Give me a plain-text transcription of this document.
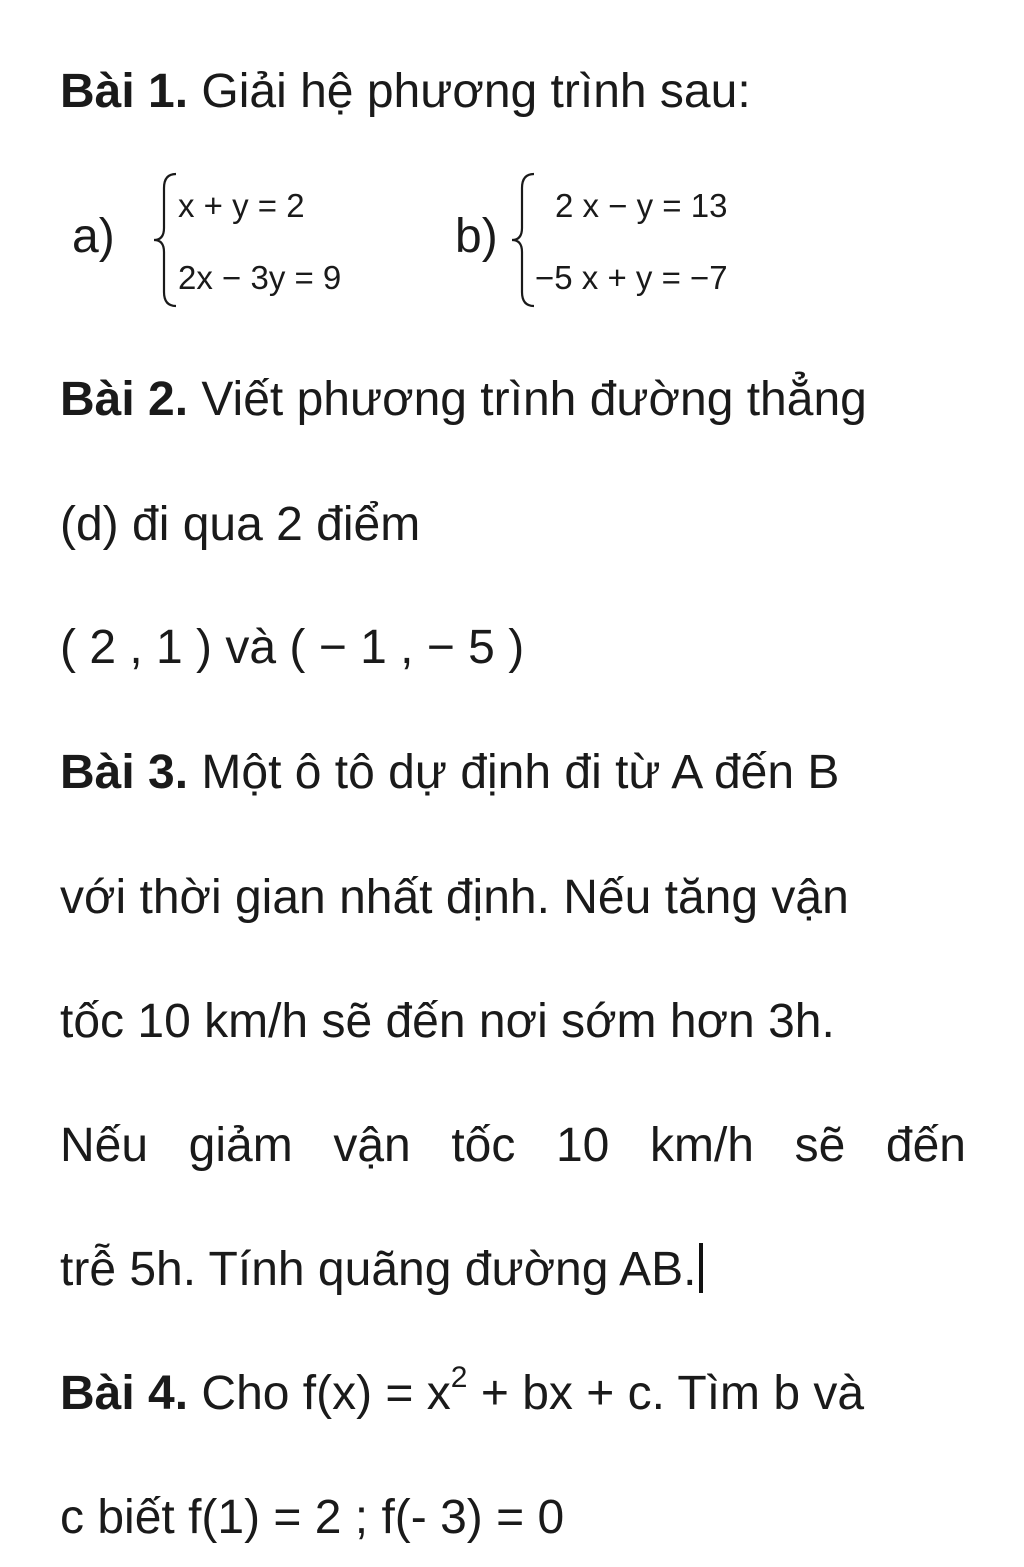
Bài 1. Giải hệ phương trình sau:
a)
x + y = 2
2x − 3y = 9
b)
2 x − y = 13
−5 x + y = −7
Bài 2. Viết phương trình đường thẳng
(d) đi qua 2 điểm
( 2 , 1 ) và ( − 1 , − 5 )
Bài 3. Một ô tô dự định đi từ A đến B
với thời gian nhất định. Nếu tăng vận
tốc 10 km/h sẽ đến nơi sớm hơn 3h.
Nếu giảm vận tốc 10 km/h sẽ đến
trễ 5h. Tính quãng đường AB.
Bài 4. Cho $f(x) = x^2$ + bx + c. Tìm b và
c biết f(1) = 2 ; f(- 3) = 0
